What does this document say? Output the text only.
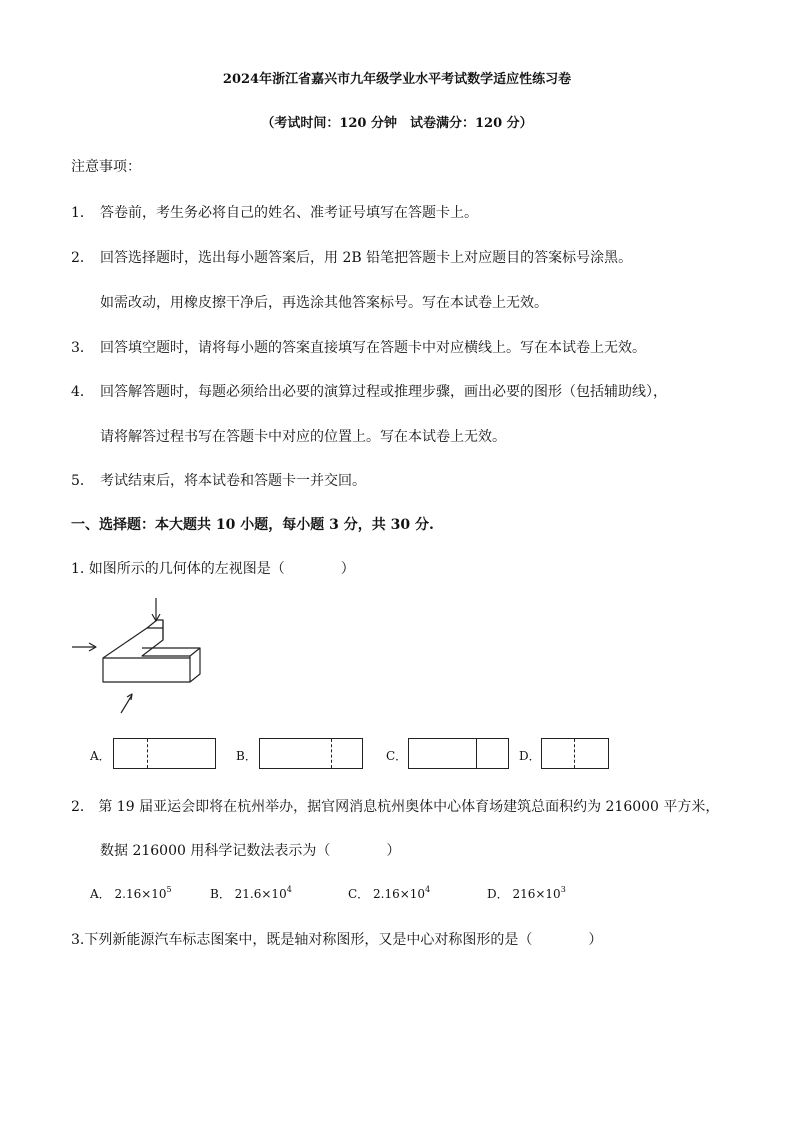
2024年浙江省嘉兴市九年级学业水平考试数学适应性练习卷
（考试时间：120 分钟　试卷满分：120 分）
注意事项：
1． 答卷前，考生务必将自己的姓名、准考证号填写在答题卡上。
2． 回答选择题时，选出每小题答案后，用 2B 铅笔把答题卡上对应题目的答案标号涂黑。
如需改动，用橡皮擦干净后，再选涂其他答案标号。写在本试卷上无效。
3． 回答填空题时，请将每小题的答案直接填写在答题卡中对应横线上。写在本试卷上无效。
4． 回答解答题时，每题必须给出必要的演算过程或推理步骤，画出必要的图形（包括辅助线），
请将解答过程书写在答题卡中对应的位置上。写在本试卷上无效。
5． 考试结束后，将本试卷和答题卡一并交回。
一、选择题：本大题共 10 小题，每小题 3 分，共 30 分.
1. 如图所示的几何体的左视图是（　　　　）
A．	B．	C．	D．
2． 第 19 届亚运会即将在杭州举办，据官网消息杭州奥体中心体育场建筑总面积约为 216000 平方米，
数据 216000 用科学记数法表示为（　　　　）
A． $2.16\times 10^5$	B． $21.6\times 10^4$	C． $2.16\times 10^4$	D． $216\times 10^3$
3.下列新能源汽车标志图案中，既是轴对称图形，又是中心对称图形的是（　　　　）
